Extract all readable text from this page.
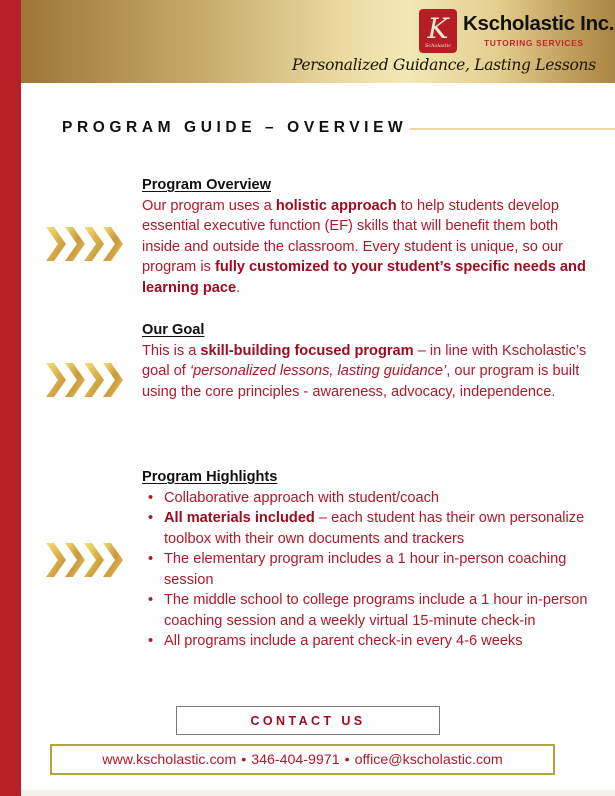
K
Scholastic
Kscholastic Inc.
TUTORING SERVICES
Personalized Guidance, Lasting Lessons
PROGRAM GUIDE – OVERVIEW
Program Overview

Our program uses a holistic approach to help students develop essential executive function (EF) skills that will benefit them both inside and outside the classroom. Every student is unique, so our program is fully customized to your student’s specific needs and learning pace.

Our Goal

This is a skill-building focused program – in line with Kscholastic’s goal of ‘personalized lessons, lasting guidance’, our program is built using the core principles - awareness, advocacy, independence.

Program Highlights
• Collaborative approach with student/coach
• All materials included – each student has their own personalize toolbox with their own documents and trackers
• The elementary program includes a 1 hour in-person coaching session
• The middle school to college programs include a 1 hour in-person coaching session and a weekly virtual 15-minute check-in
• All programs include a parent check-in every 4-6 weeks
CONTACT US
www.kscholastic.com • 346-404-9971 • office@kscholastic.com
